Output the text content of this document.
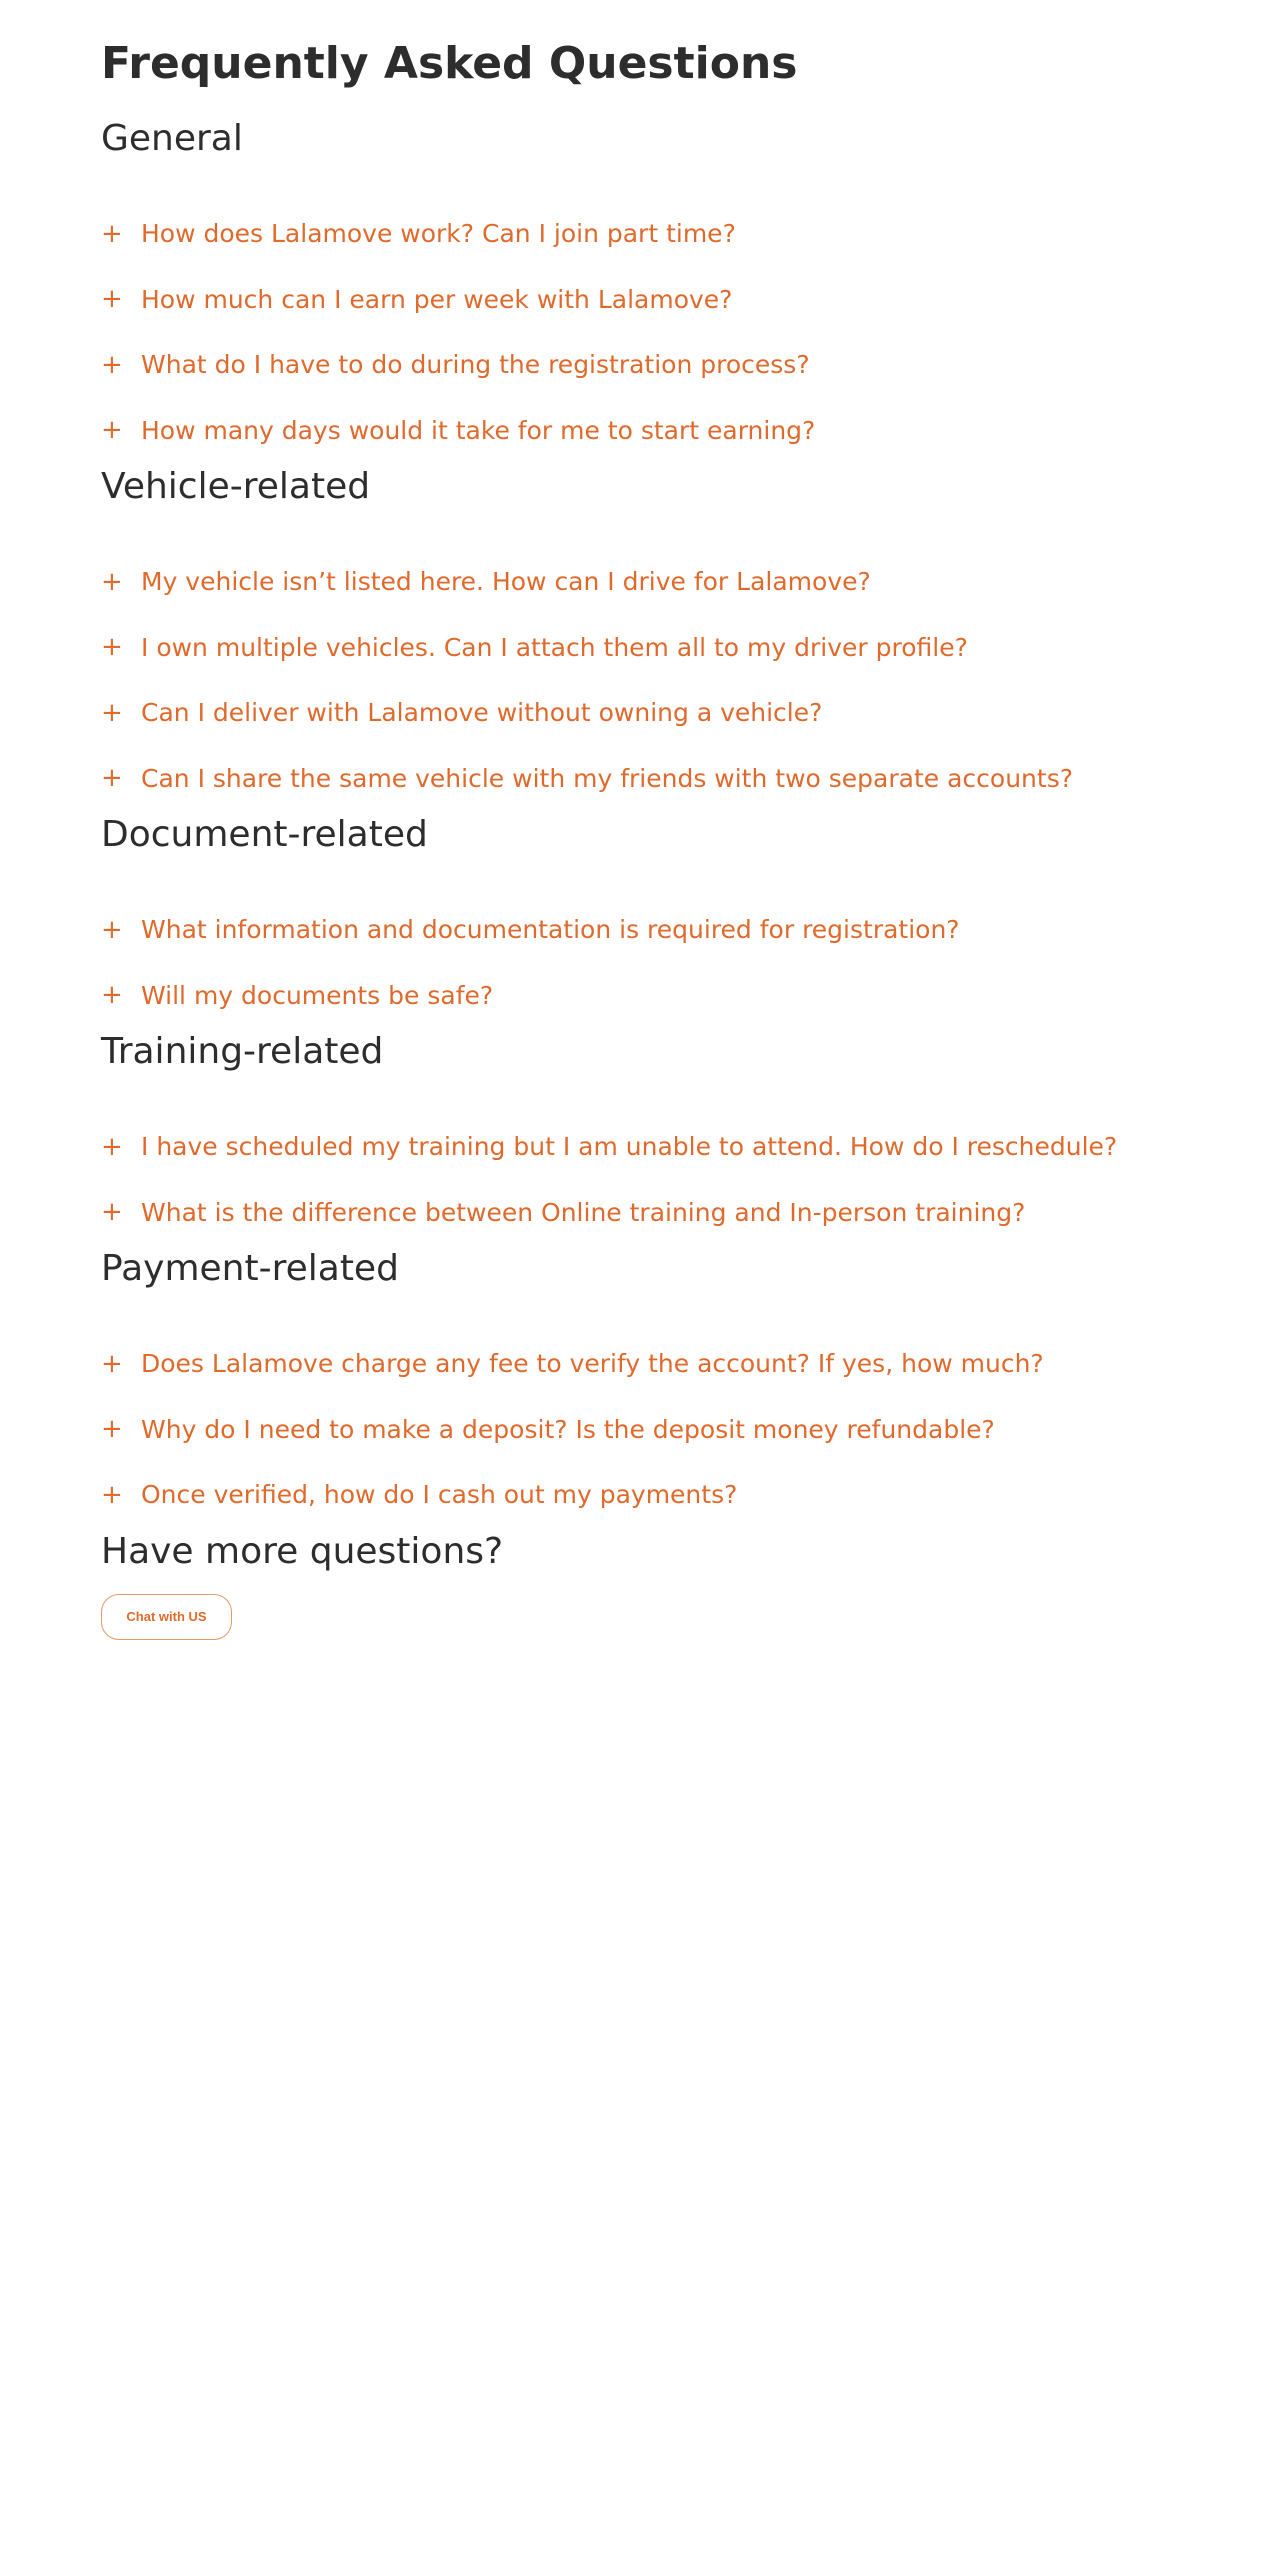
Frequently Asked Questions
General
+ How does Lalamove work? Can I join part time?
+ How much can I earn per week with Lalamove?
+ What do I have to do during the registration process?
+ How many days would it take for me to start earning?
Vehicle-related
+ My vehicle isn’t listed here. How can I drive for Lalamove?
+ I own multiple vehicles. Can I attach them all to my driver profile?
+ Can I deliver with Lalamove without owning a vehicle?
+ Can I share the same vehicle with my friends with two separate accounts?
Document-related
+ What information and documentation is required for registration?
+ Will my documents be safe?
Training-related
+ I have scheduled my training but I am unable to attend. How do I reschedule?
+ What is the difference between Online training and In-person training?
Payment-related
+ Does Lalamove charge any fee to verify the account? If yes, how much?
+ Why do I need to make a deposit? Is the deposit money refundable?
+ Once verified, how do I cash out my payments?
Have more questions?
Chat with US
